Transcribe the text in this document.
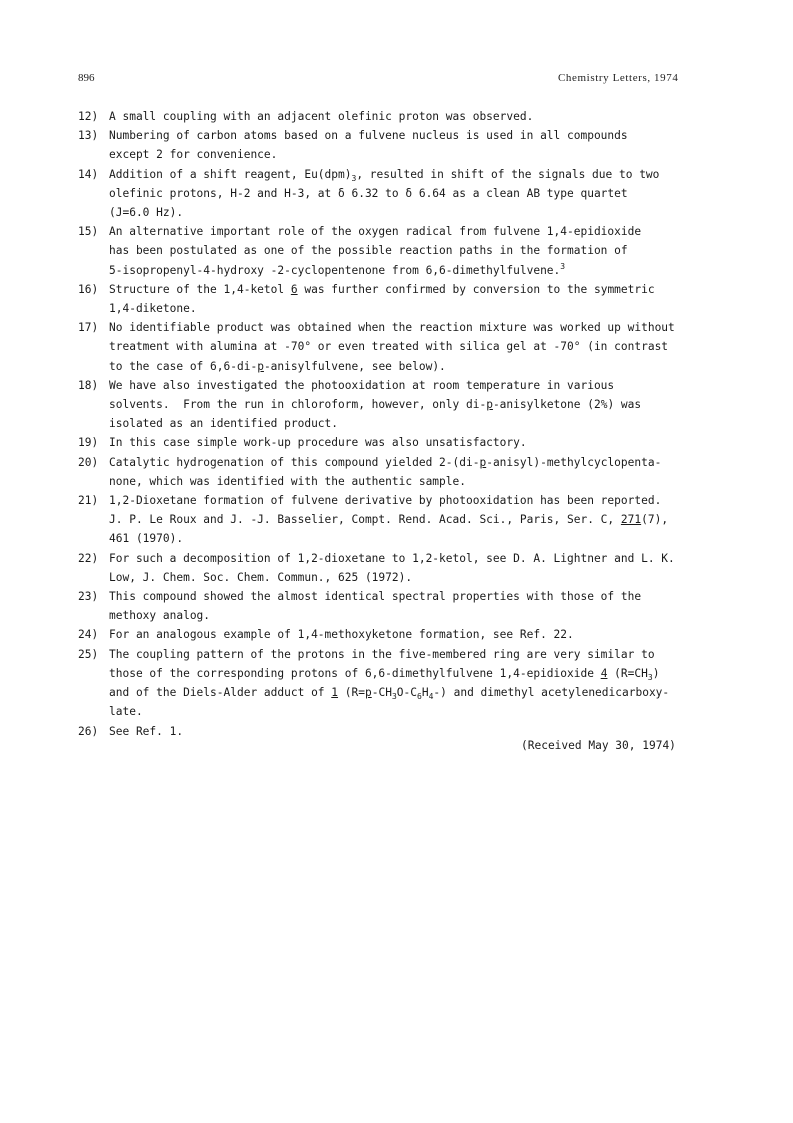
896	Chemistry Letters, 1974
12) A small coupling with an adjacent olefinic proton was observed.
13) Numbering of carbon atoms based on a fulvene nucleus is used in all compounds
except 2 for convenience.
14) Addition of a shift reagent, $Eu(dpm)_3$, resulted in shift of the signals due to two
olefinic protons, H-2 and H-3, at δ 6.32 to δ 6.64 as a clean AB type quartet
(J=6.0 Hz).
15) An alternative important role of the oxygen radical from fulvene 1,4-epidioxide
has been postulated as one of the possible reaction paths in the formation of
5-isopropenyl-4-hydroxy -2-cyclopentenone from 6,6-dimethylfulvene.$^3$
16) Structure of the 1,4-ketol 6 was further confirmed by conversion to the symmetric
1,4-diketone.
17) No identifiable product was obtained when the reaction mixture was worked up without
treatment with alumina at -70° or even treated with silica gel at -70° (in contrast
to the case of 6,6-di-p-anisylfulvene, see below).
18) We have also investigated the photooxidation at room temperature in various
solvents.  From the run in chloroform, however, only di-p-anisylketone (2%) was
isolated as an identified product.
19) In this case simple work-up procedure was also unsatisfactory.
20) Catalytic hydrogenation of this compound yielded 2-(di-p-anisyl)-methylcyclopenta-
none, which was identified with the authentic sample.
21) 1,2-Dioxetane formation of fulvene derivative by photooxidation has been reported.
J. P. Le Roux and J. -J. Basselier, Compt. Rend. Acad. Sci., Paris, Ser. C, 271(7),
461 (1970).
22) For such a decomposition of 1,2-dioxetane to 1,2-ketol, see D. A. Lightner and L. K.
Low, J. Chem. Soc. Chem. Commun., 625 (1972).
23) This compound showed the almost identical spectral properties with those of the
methoxy analog.
24) For an analogous example of 1,4-methoxyketone formation, see Ref. 22.
25) The coupling pattern of the protons in the five-membered ring are very similar to
those of the corresponding protons of 6,6-dimethylfulvene 1,4-epidioxide 4 $(R=CH_3)$
and of the Diels-Alder adduct of 1 $(R=p-CH_3O-C_6H_4-)$ and dimethyl acetylenedicarboxy-
late.
26) See Ref. 1.
(Received May 30, 1974)
